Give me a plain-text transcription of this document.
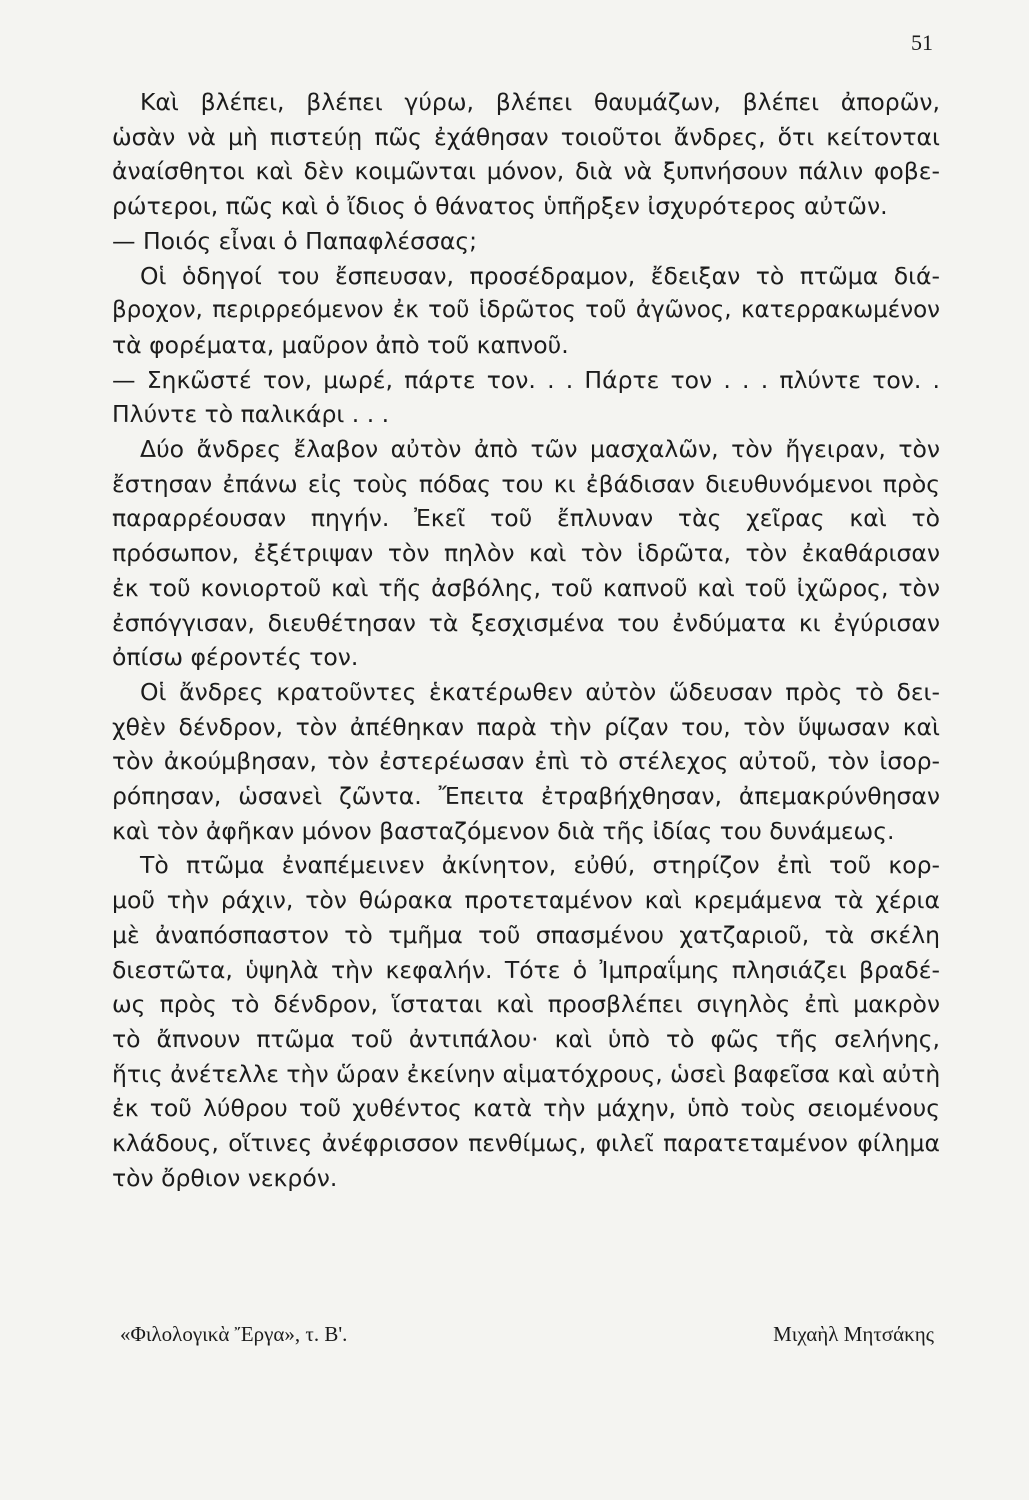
51
Καὶ βλέπει, βλέπει γύρω, βλέπει θαυμάζων, βλέπει ἀπορῶν,
ὡσὰν νὰ μὴ πιστεύῃ πῶς ἐχάθησαν τοιοῦτοι ἄνδρες, ὅτι κείτονται
ἀναίσθητοι καὶ δὲν κοιμῶνται μόνον, διὰ νὰ ξυπνήσουν πάλιν φοβε-
ρώτεροι, πῶς καὶ ὁ ἴδιος ὁ θάνατος ὑπῆρξεν ἰσχυρότερος αὐτῶν.
— Ποιός εἶναι ὁ Παπαφλέσσας;
Οἱ ὁδηγοί του ἔσπευσαν, προσέδραμον, ἔδειξαν τὸ πτῶμα διά-
βροχον, περιρρεόμενον ἐκ τοῦ ἱδρῶτος τοῦ ἀγῶνος, κατερρακωμένον
τὰ φορέματα, μαῦρον ἀπὸ τοῦ καπνοῦ.
— Σηκῶστέ τον, μωρέ, πάρτε τον. . . Πάρτε τον . . . πλύντε τον. .
Πλύντε τὸ παλικάρι . . .
Δύο ἄνδρες ἔλαβον αὐτὸν ἀπὸ τῶν μασχαλῶν, τὸν ἤγειραν, τὸν
ἔστησαν ἐπάνω εἰς τοὺς πόδας του κι ἐβάδισαν διευθυνόμενοι πρὸς
παραρρέουσαν πηγήν. Ἐκεῖ τοῦ ἔπλυναν τὰς χεῖρας καὶ τὸ
πρόσωπον, ἐξέτριψαν τὸν πηλὸν καὶ τὸν ἱδρῶτα, τὸν ἐκαθάρισαν
ἐκ τοῦ κονιορτοῦ καὶ τῆς ἀσβόλης, τοῦ καπνοῦ καὶ τοῦ ἰχῶρος, τὸν
ἐσπόγγισαν, διευθέτησαν τὰ ξεσχισμένα του ἐνδύματα κι ἐγύρισαν
ὀπίσω φέροντές τον.
Οἱ ἄνδρες κρατοῦντες ἑκατέρωθεν αὐτὸν ὥδευσαν πρὸς τὸ δει-
χθὲν δένδρον, τὸν ἀπέθηκαν παρὰ τὴν ρίζαν του, τὸν ὕψωσαν καὶ
τὸν ἀκούμβησαν, τὸν ἐστερέωσαν ἐπὶ τὸ στέλεχος αὐτοῦ, τὸν ἰσορ-
ρόπησαν, ὡσανεὶ ζῶντα. Ἔπειτα ἐτραβήχθησαν, ἀπεμακρύνθησαν
καὶ τὸν ἀφῆκαν μόνον βασταζόμενον διὰ τῆς ἰδίας του δυνάμεως.
Τὸ πτῶμα ἐναπέμεινεν ἀκίνητον, εὐθύ, στηρίζον ἐπὶ τοῦ κορ-
μοῦ τὴν ράχιν, τὸν θώρακα προτεταμένον καὶ κρεμάμενα τὰ χέρια
μὲ ἀναπόσπαστον τὸ τμῆμα τοῦ σπασμένου χατζαριοῦ, τὰ σκέλη
διεστῶτα, ὑψηλὰ τὴν κεφαλήν. Τότε ὁ Ἰμπραΐμης πλησιάζει βραδέ-
ως πρὸς τὸ δένδρον, ἵσταται καὶ προσβλέπει σιγηλὸς ἐπὶ μακρὸν
τὸ ἄπνουν πτῶμα τοῦ ἀντιπάλου· καὶ ὑπὸ τὸ φῶς τῆς σελήνης,
ἥτις ἀνέτελλε τὴν ὥραν ἐκείνην αἱματόχρους, ὡσεὶ βαφεῖσα καὶ αὐτὴ
ἐκ τοῦ λύθρου τοῦ χυθέντος κατὰ τὴν μάχην, ὑπὸ τοὺς σειομένους
κλάδους, οἵτινες ἀνέφρισσον πενθίμως, φιλεῖ παρατεταμένον φίλημα
τὸν ὄρθιον νεκρόν.
«Φιλολογικὰ Ἔργα», τ. Β'.	Μιχαὴλ Μητσάκης
